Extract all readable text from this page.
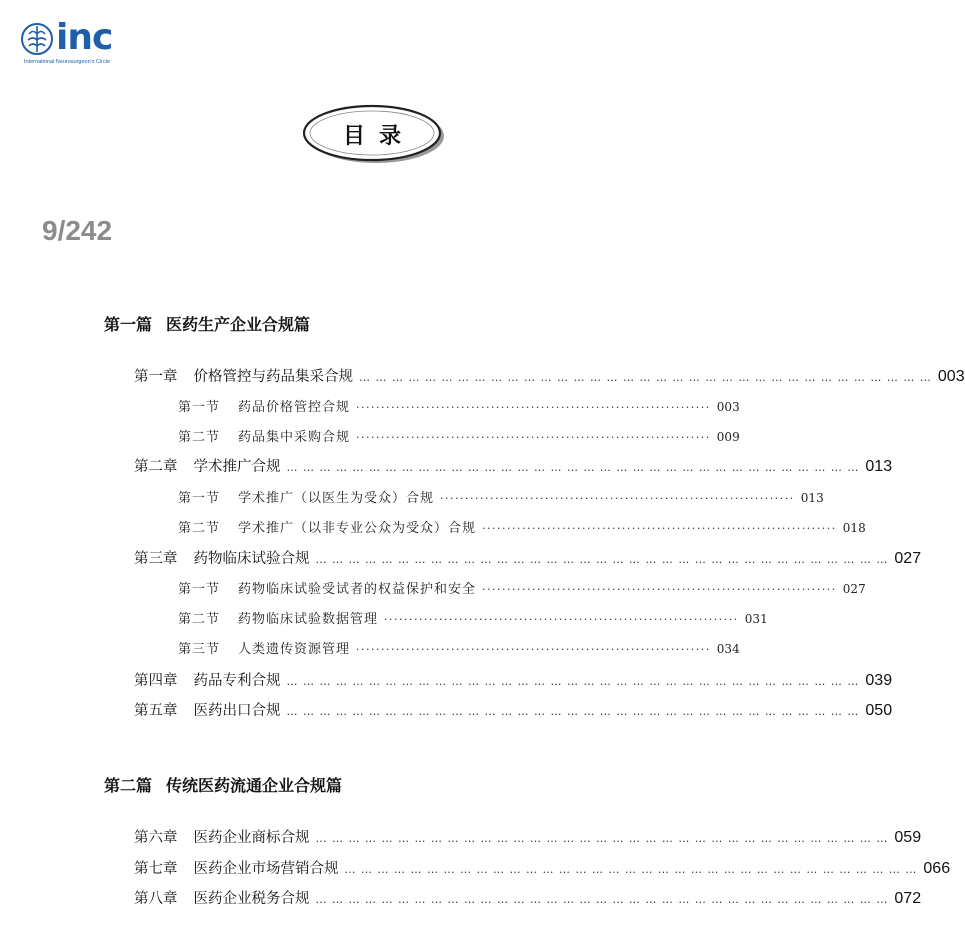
inc
International Neurosurgeon's Circle
目录
9/242
第一篇 医药生产企业合规篇
第一章 价格管控与药品集采合规 … … … … … … … … … … … … … … … … … … … … … … … … … … … … … … … … … … … 003
第一节 药品价格管控合规 ······································································· 003
第二节 药品集中采购合规 ······································································· 009
第二章 学术推广合规 … … … … … … … … … … … … … … … … … … … … … … … … … … … … … … … … … … … 013
第一节 学术推广（以医生为受众）合规 ······································································· 013
第二节 学术推广（以非专业公众为受众）合规 ······································································· 018
第三章 药物临床试验合规 … … … … … … … … … … … … … … … … … … … … … … … … … … … … … … … … … … … 027
第一节 药物临床试验受试者的权益保护和安全 ······································································· 027
第二节 药物临床试验数据管理 ······································································· 031
第三节 人类遗传资源管理 ······································································· 034
第四章 药品专利合规 … … … … … … … … … … … … … … … … … … … … … … … … … … … … … … … … … … … 039
第五章 医药出口合规 … … … … … … … … … … … … … … … … … … … … … … … … … … … … … … … … … … … 050
第二篇 传统医药流通企业合规篇
第六章 医药企业商标合规 … … … … … … … … … … … … … … … … … … … … … … … … … … … … … … … … … … … 059
第七章 医药企业市场营销合规 … … … … … … … … … … … … … … … … … … … … … … … … … … … … … … … … … … … 066
第八章 医药企业税务合规 … … … … … … … … … … … … … … … … … … … … … … … … … … … … … … … … … … … 072
